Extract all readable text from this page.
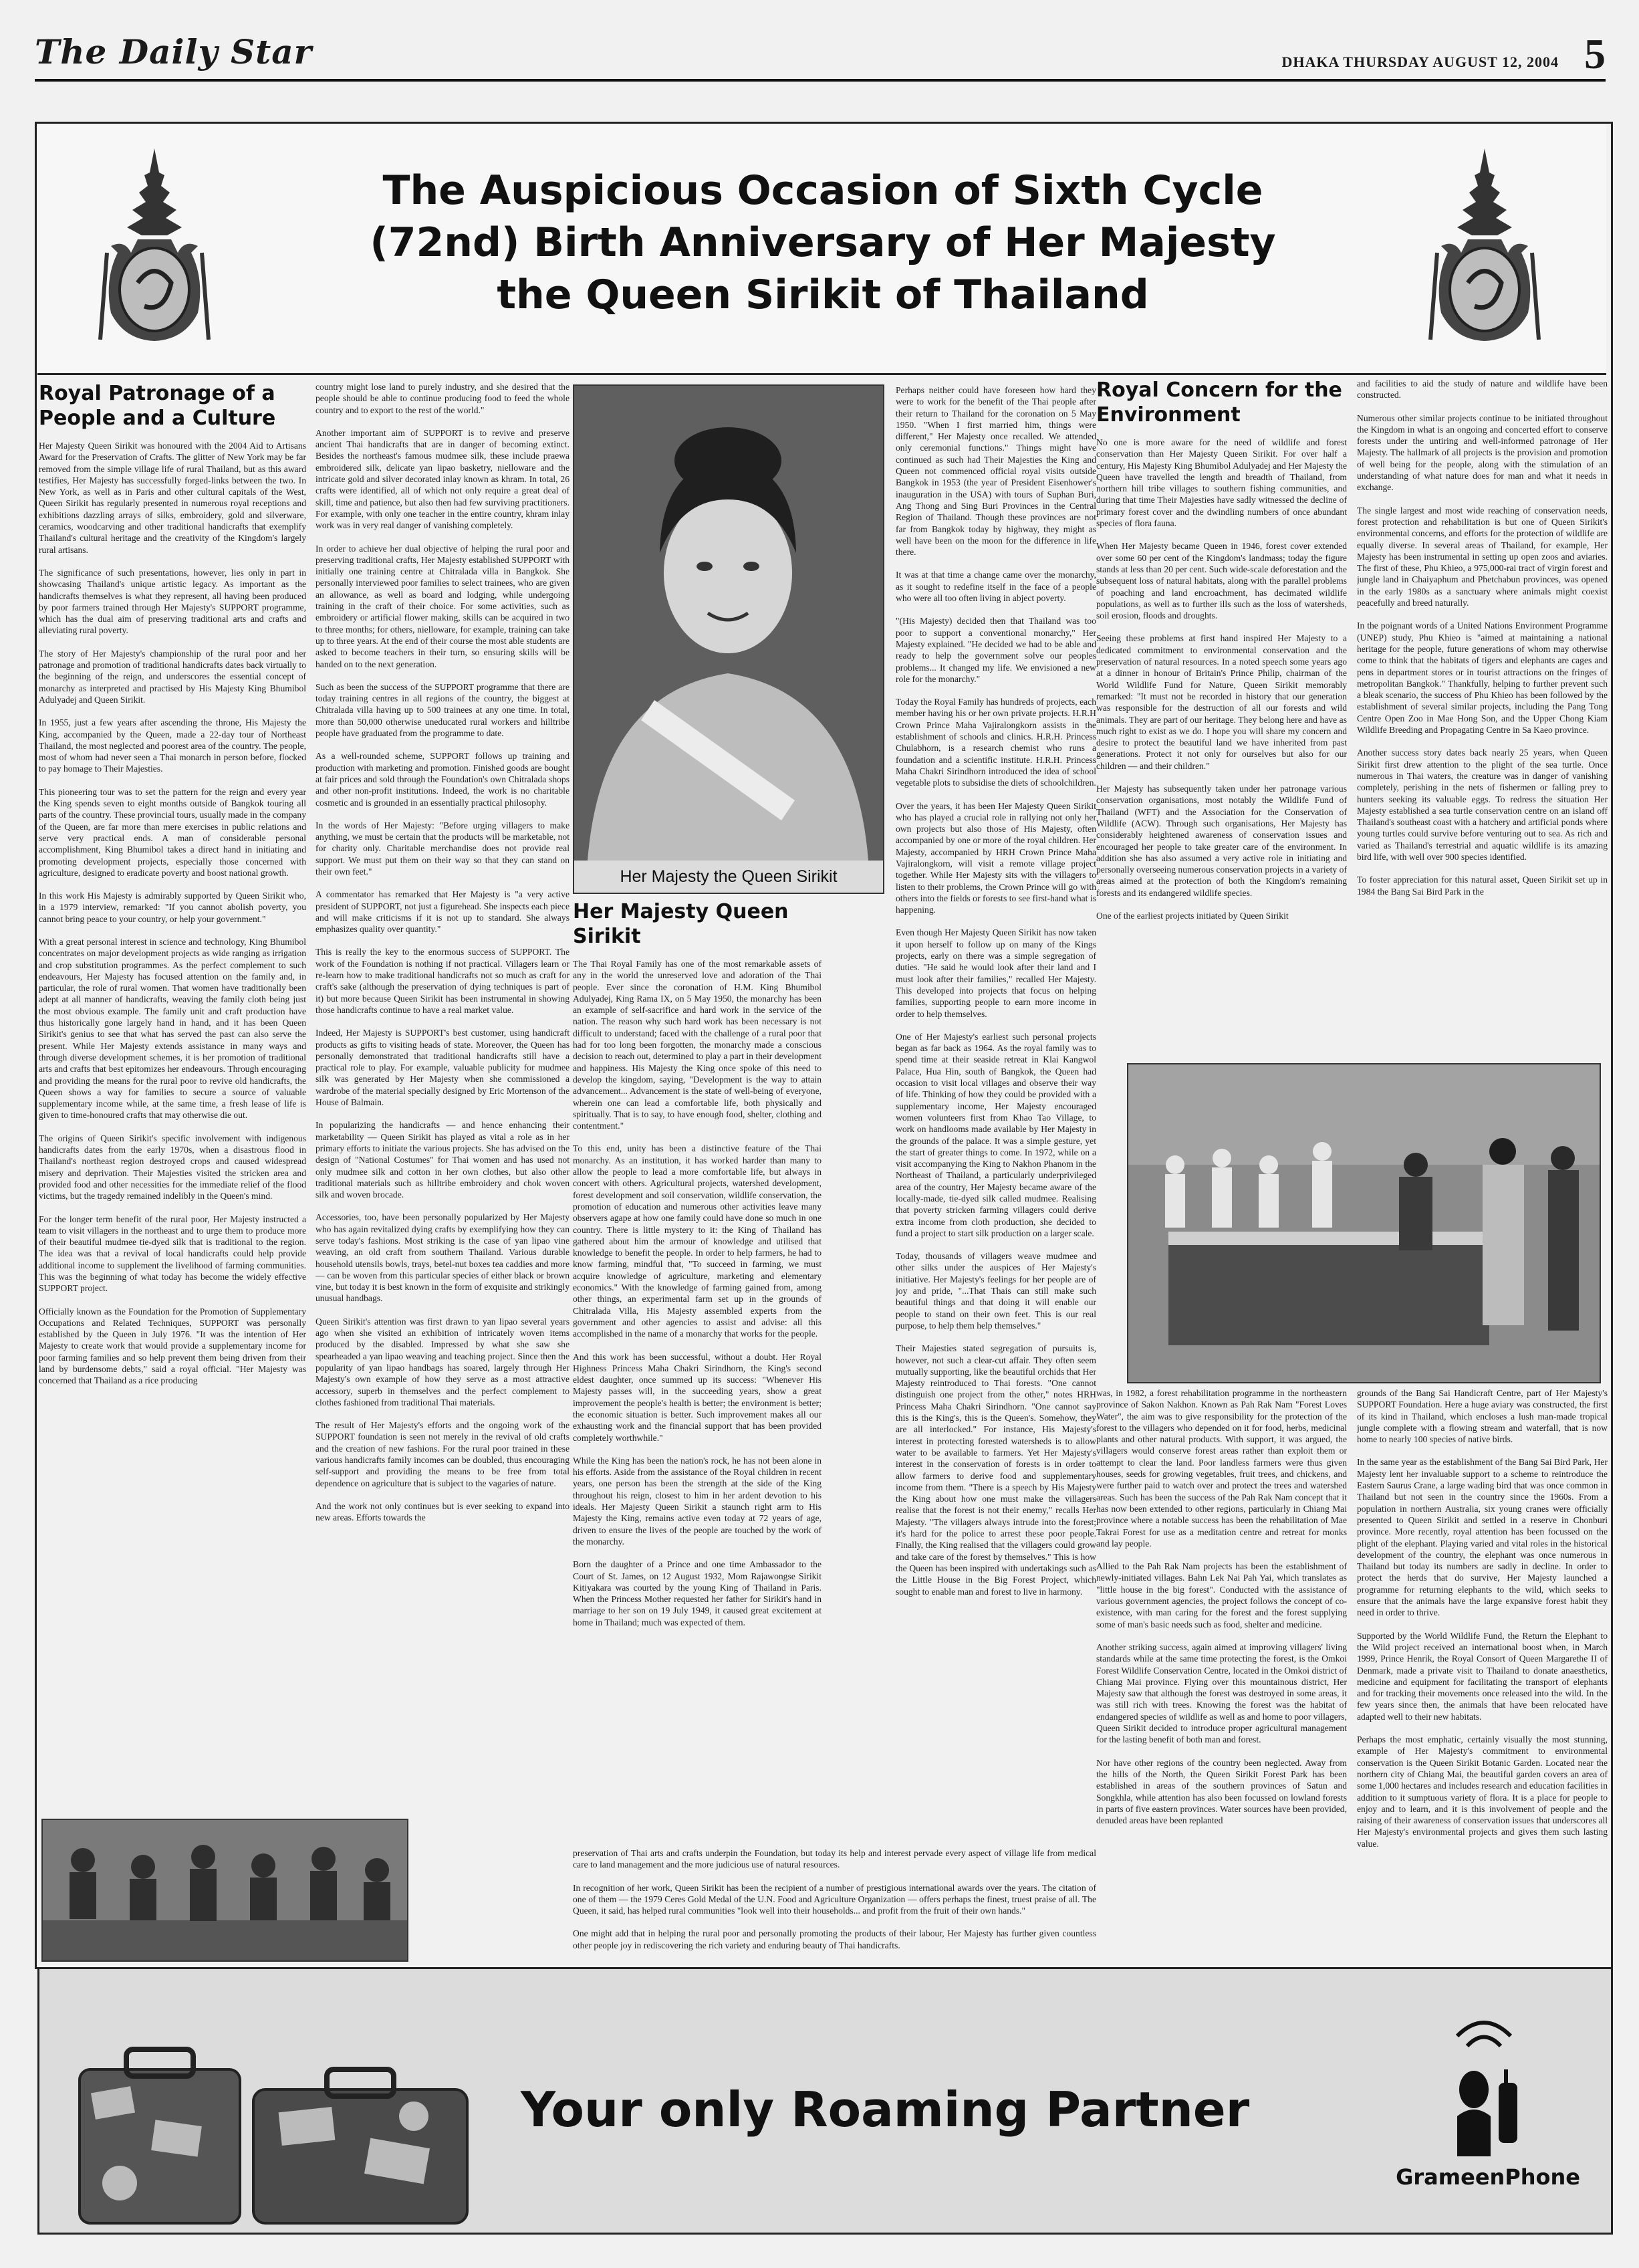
The Daily Star	DHAKA THURSDAY AUGUST 12, 2004 5
The Auspicious Occasion of Sixth Cycle
(72nd) Birth Anniversary of Her Majesty
the Queen Sirikit of Thailand
Royal Patronage of a People and a Culture

Her Majesty Queen Sirikit was honoured with the 2004 Aid to Artisans Award for the Preservation of Crafts. The glitter of New York may be far removed from the simple village life of rural Thailand, but as this award testifies, Her Majesty has successfully forged-links between the two. In New York, as well as in Paris and other cultural capitals of the West, Queen Sirikit has regularly presented in numerous royal receptions and exhibitions dazzling arrays of silks, embroidery, gold and silverware, ceramics, woodcarving and other traditional handicrafts that exemplify Thailand's cultural heritage and the creativity of the Kingdom's largely rural artisans.

The significance of such presentations, however, lies only in part in showcasing Thailand's unique artistic legacy. As important as the handicrafts themselves is what they represent, all having been produced by poor farmers trained through Her Majesty's SUPPORT programme, which has the dual aim of preserving traditional arts and crafts and alleviating rural poverty.

The story of Her Majesty's championship of the rural poor and her patronage and promotion of traditional handicrafts dates back virtually to the beginning of the reign, and underscores the essential concept of monarchy as interpreted and practised by His Majesty King Bhumibol Adulyadej and Queen Sirikit.

In 1955, just a few years after ascending the throne, His Majesty the King, accompanied by the Queen, made a 22-day tour of Northeast Thailand, the most neglected and poorest area of the country. The people, most of whom had never seen a Thai monarch in person before, flocked to pay homage to Their Majesties.

This pioneering tour was to set the pattern for the reign and every year the King spends seven to eight months outside of Bangkok touring all parts of the country. These provincial tours, usually made in the company of the Queen, are far more than mere exercises in public relations and serve very practical ends. A man of considerable personal accomplishment, King Bhumibol takes a direct hand in initiating and promoting development projects, especially those concerned with agriculture, designed to eradicate poverty and boost national growth.

In this work His Majesty is admirably supported by Queen Sirikit who, in a 1979 interview, remarked: "If you cannot abolish poverty, you cannot bring peace to your country, or help your government."

With a great personal interest in science and technology, King Bhumibol concentrates on major development projects as wide ranging as irrigation and crop substitution programmes. As the perfect complement to such endeavours, Her Majesty has focused attention on the family and, in particular, the role of rural women. That women have traditionally been adept at all manner of handicrafts, weaving the family cloth being just the most obvious example. The family unit and craft production have thus historically gone largely hand in hand, and it has been Queen Sirikit's genius to see that what has served the past can also serve the present. While Her Majesty extends assistance in many ways and through diverse development schemes, it is her promotion of traditional arts and crafts that best epitomizes her endeavours. Through encouraging and providing the means for the rural poor to revive old handicrafts, the Queen shows a way for families to secure a source of valuable supplementary income while, at the same time, a fresh lease of life is given to time-honoured crafts that may otherwise die out.

The origins of Queen Sirikit's specific involvement with indigenous handicrafts dates from the early 1970s, when a disastrous flood in Thailand's northeast region destroyed crops and caused widespread misery and deprivation. Their Majesties visited the stricken area and provided food and other necessities for the immediate relief of the flood victims, but the tragedy remained indelibly in the Queen's mind.

For the longer term benefit of the rural poor, Her Majesty instructed a team to visit villagers in the northeast and to urge them to produce more of their beautiful mudmee tie-dyed silk that is traditional to the region. The idea was that a revival of local handicrafts could help provide additional income to supplement the livelihood of farming communities. This was the beginning of what today has become the widely effective SUPPORT project.

Officially known as the Foundation for the Promotion of Supplementary Occupations and Related Techniques, SUPPORT was personally established by the Queen in July 1976. "It was the intention of Her Majesty to create work that would provide a supplementary income for poor farming families and so help prevent them being driven from their land by burdensome debts," said a royal official. "Her Majesty was concerned that Thailand as a rice producing

country might lose land to purely industry, and she desired that the people should be able to continue producing food to feed the whole country and to export to the rest of the world."

Another important aim of SUPPORT is to revive and preserve ancient Thai handicrafts that are in danger of becoming extinct. Besides the northeast's famous mudmee silk, these include praewa embroidered silk, delicate yan lipao basketry, nielloware and the intricate gold and silver decorated inlay known as khram. In total, 26 crafts were identified, all of which not only require a great deal of skill, time and patience, but also then had few surviving practitioners. For example, with only one teacher in the entire country, khram inlay work was in very real danger of vanishing completely.

In order to achieve her dual objective of helping the rural poor and preserving traditional crafts, Her Majesty established SUPPORT with initially one training centre at Chitralada villa in Bangkok. She personally interviewed poor families to select trainees, who are given an allowance, as well as board and lodging, while undergoing training in the craft of their choice. For some activities, such as embroidery or artificial flower making, skills can be acquired in two to three months; for others, nielloware, for example, training can take up to three years. At the end of their course the most able students are asked to become teachers in their turn, so ensuring skills will be handed on to the next generation.

Such as been the success of the SUPPORT programme that there are today training centres in all regions of the country, the biggest at Chitralada villa having up to 500 trainees at any one time. In total, more than 50,000 otherwise uneducated rural workers and hilltribe people have graduated from the programme to date.

As a well-rounded scheme, SUPPORT follows up training and production with marketing and promotion. Finished goods are bought at fair prices and sold through the Foundation's own Chitralada shops and other non-profit institutions. Indeed, the work is no charitable cosmetic and is grounded in an essentially practical philosophy.

In the words of Her Majesty: "Before urging villagers to make anything, we must be certain that the products will be marketable, not for charity only. Charitable merchandise does not provide real support. We must put them on their way so that they can stand on their own feet."

A commentator has remarked that Her Majesty is "a very active president of SUPPORT, not just a figurehead. She inspects each piece and will make criticisms if it is not up to standard. She always emphasizes quality over quantity."

This is really the key to the enormous success of SUPPORT. The work of the Foundation is nothing if not practical. Villagers learn or re-learn how to make traditional handicrafts not so much as craft for craft's sake (although the preservation of dying techniques is part of it) but more because Queen Sirikit has been instrumental in showing those handicrafts continue to have a real market value.

Indeed, Her Majesty is SUPPORT's best customer, using handicraft products as gifts to visiting heads of state. Moreover, the Queen has personally demonstrated that traditional handicrafts still have a practical role to play. For example, valuable publicity for mudmee silk was generated by Her Majesty when she commissioned a wardrobe of the material specially designed by Eric Mortenson of the House of Balmain.

In popularizing the handicrafts — and hence enhancing their marketability — Queen Sirikit has played as vital a role as in her primary efforts to initiate the various projects. She has advised on the design of "National Costumes" for Thai women and has used not only mudmee silk and cotton in her own clothes, but also other traditional materials such as hilltribe embroidery and chok woven silk and woven brocade.

Accessories, too, have been personally popularized by Her Majesty who has again revitalized dying crafts by exemplifying how they can serve today's fashions. Most striking is the case of yan lipao vine weaving, an old craft from southern Thailand. Various durable household utensils bowls, trays, betel-nut boxes tea caddies and more — can be woven from this particular species of either black or brown vine, but today it is best known in the form of exquisite and strikingly unusual handbags.

Queen Sirikit's attention was first drawn to yan lipao several years ago when she visited an exhibition of intricately woven items produced by the disabled. Impressed by what she saw she spearheaded a yan lipao weaving and teaching project. Since then the popularity of yan lipao handbags has soared, largely through Her Majesty's own example of how they serve as a most attractive accessory, superb in themselves and the perfect complement to clothes fashioned from traditional Thai materials.

The result of Her Majesty's efforts and the ongoing work of the SUPPORT foundation is seen not merely in the revival of old crafts and the creation of new fashions. For the rural poor trained in these various handicrafts family incomes can be doubled, thus encouraging self-support and providing the means to be free from total dependence on agriculture that is subject to the vagaries of nature.

And the work not only continues but is ever seeking to expand into new areas. Efforts towards the

Her Majesty the Queen Sirikit
Her Majesty Queen Sirikit

The Thai Royal Family has one of the most remarkable assets of any in the world the unreserved love and adoration of the Thai people. Ever since the coronation of H.M. King Bhumibol Adulyadej, King Rama IX, on 5 May 1950, the monarchy has been an example of self-sacrifice and hard work in the service of the nation. The reason why such hard work has been necessary is not difficult to understand; faced with the challenge of a rural poor that had for too long been forgotten, the monarchy made a conscious decision to reach out, determined to play a part in their development and happiness. His Majesty the King once spoke of this need to develop the kingdom, saying, "Development is the way to attain advancement... Advancement is the state of well-being of everyone, wherein one can lead a comfortable life, both physically and spiritually. That is to say, to have enough food, shelter, clothing and contentment."

To this end, unity has been a distinctive feature of the Thai monarchy. As an institution, it has worked harder than many to allow the people to lead a more comfortable life, but always in concert with others. Agricultural projects, watershed development, forest development and soil conservation, wildlife conservation, the promotion of education and numerous other activities leave many observers agape at how one family could have done so much in one country. There is little mystery to it: the King of Thailand has gathered about him the armour of knowledge and utilised that knowledge to benefit the people. In order to help farmers, he had to know farming, mindful that, "To succeed in farming, we must acquire knowledge of agriculture, marketing and elementary economics." With the knowledge of farming gained from, among other things, an experimental farm set up in the grounds of Chitralada Villa, His Majesty assembled experts from the government and other agencies to assist and advise: all this accomplished in the name of a monarchy that works for the people.

And this work has been successful, without a doubt. Her Royal Highness Princess Maha Chakri Sirindhorn, the King's second eldest daughter, once summed up its success: "Whenever His Majesty passes will, in the succeeding years, show a great improvement the people's health is better; the environment is better; the economic situation is better. Such improvement makes all our exhausting work and the financial support that has been provided completely worthwhile."

While the King has been the nation's rock, he has not been alone in his efforts. Aside from the assistance of the Royal children in recent years, one person has been the strength at the side of the King throughout his reign, closest to him in her ardent devotion to his ideals. Her Majesty Queen Sirikit a staunch right arm to His Majesty the King, remains active even today at 72 years of age, driven to ensure the lives of the people are touched by the work of the monarchy.

Born the daughter of a Prince and one time Ambassador to the Court of St. James, on 12 August 1932, Mom Rajawongse Sirikit Kitiyakara was courted by the young King of Thailand in Paris. When the Princess Mother requested her father for Sirikit's hand in marriage to her son on 19 July 1949, it caused great excitement at home in Thailand; much was expected of them.

Perhaps neither could have foreseen how hard they were to work for the benefit of the Thai people after their return to Thailand for the coronation on 5 May 1950. "When I first married him, things were different," Her Majesty once recalled. We attended only ceremonial functions." Things might have continued as such had Their Majesties the King and Queen not commenced official royal visits outside Bangkok in 1953 (the year of President Eisenhower's inauguration in the USA) with tours of Suphan Buri, Ang Thong and Sing Buri Provinces in the Central Region of Thailand. Though these provinces are not far from Bangkok today by highway, they might as well have been on the moon for the difference in life there.

It was at that time a change came over the monarchy, as it sought to redefine itself in the face of a people who were all too often living in abject poverty.

"(His Majesty) decided then that Thailand was too poor to support a conventional monarchy," Her Majesty explained. "He decided we had to be able and ready to help the government solve our peoples problems... It changed my life. We envisioned a new role for the monarchy."

Today the Royal Family has hundreds of projects, each member having his or her own private projects. H.R.H Crown Prince Maha Vajiralongkorn assists in the establishment of schools and clinics. H.R.H. Princess Chulabhorn, is a research chemist who runs a foundation and a scientific institute. H.R.H. Princess Maha Chakri Sirindhorn introduced the idea of school vegetable plots to subsidise the diets of schoolchildren.

Over the years, it has been Her Majesty Queen Sirikit who has played a crucial role in rallying not only her own projects but also those of His Majesty, often accompanied by one or more of the royal children. Her Majesty, accompanied by HRH Crown Prince Maha Vajiralongkorn, will visit a remote village project together. While Her Majesty sits with the villagers to listen to their problems, the Crown Prince will go with others into the fields or forests to see first-hand what is happening.

Even though Her Majesty Queen Sirikit has now taken it upon herself to follow up on many of the Kings projects, early on there was a simple segregation of duties. "He said he would look after their land and I must look after their families," recalled Her Majesty. This developed into projects that focus on helping families, supporting people to earn more income in order to help themselves.

One of Her Majesty's earliest such personal projects began as far back as 1964. As the royal family was to spend time at their seaside retreat in Klai Kangwol Palace, Hua Hin, south of Bangkok, the Queen had occasion to visit local villages and observe their way of life. Thinking of how they could be provided with a supplementary income, Her Majesty encouraged women volunteers first from Khao Tao Village, to work on handlooms made available by Her Majesty in the grounds of the palace. It was a simple gesture, yet the start of greater things to come. In 1972, while on a visit accompanying the King to Nakhon Phanom in the Northeast of Thailand, a particularly underprivileged area of the country, Her Majesty became aware of the locally-made, tie-dyed silk called mudmee. Realising that poverty stricken farming villagers could derive extra income from cloth production, she decided to fund a project to start silk production on a larger scale.

Today, thousands of villagers weave mudmee and other silks under the auspices of Her Majesty's initiative. Her Majesty's feelings for her people are of joy and pride, "...That Thais can still make such beautiful things and that doing it will enable our people to stand on their own feet. This is our real purpose, to help them help themselves."

Their Majesties stated segregation of pursuits is, however, not such a clear-cut affair. They often seem mutually supporting, like the beautiful orchids that Her Majesty reintroduced to Thai forests. "One cannot distinguish one project from the other," notes HRH Princess Maha Chakri Sirindhorn. "One cannot say this is the King's, this is the Queen's. Somehow, they are all interlocked." For instance, His Majesty's interest in protecting forested watersheds is to allow water to be available to farmers. Yet Her Majesty's interest in the conservation of forests is in order to allow farmers to derive food and supplementary income from them. "There is a speech by His Majesty the King about how one must make the villagers realise that the forest is not their enemy," recalls Her Majesty. "The villagers always intrude into the forest; it's hard for the police to arrest these poor people. Finally, the King realised that the villagers could grow and take care of the forest by themselves." This is how the Queen has been inspired with undertakings such as the Little House in the Big Forest Project, which sought to enable man and forest to live in harmony.

preservation of Thai arts and crafts underpin the Foundation, but today its help and interest pervade every aspect of village life from medical care to land management and the more judicious use of natural resources.

In recognition of her work, Queen Sirikit has been the recipient of a number of prestigious international awards over the years. The citation of one of them — the 1979 Ceres Gold Medal of the U.N. Food and Agriculture Organization — offers perhaps the finest, truest praise of all. The Queen, it said, has helped rural communities "look well into their households... and profit from the fruit of their own hands."

One might add that in helping the rural poor and personally promoting the products of their labour, Her Majesty has further given countless other people joy in rediscovering the rich variety and enduring beauty of Thai handicrafts.

Royal Concern for the Environment

No one is more aware for the need of wildlife and forest conservation than Her Majesty Queen Sirikit. For over half a century, His Majesty King Bhumibol Adulyadej and Her Majesty the Queen have travelled the length and breadth of Thailand, from northern hill tribe villages to southern fishing communities, and during that time Their Majesties have sadly witnessed the decline of primary forest cover and the dwindling numbers of once abundant species of flora fauna.

When Her Majesty became Queen in 1946, forest cover extended over some 60 per cent of the Kingdom's landmass; today the figure stands at less than 20 per cent. Such wide-scale deforestation and the subsequent loss of natural habitats, along with the parallel problems of poaching and land encroachment, has decimated wildlife populations, as well as to further ills such as the loss of watersheds, soil erosion, floods and droughts.

Seeing these problems at first hand inspired Her Majesty to a dedicated commitment to environmental conservation and the preservation of natural resources. In a noted speech some years ago at a dinner in honour of Britain's Prince Philip, chairman of the World Wildlife Fund for Nature, Queen Sirikit memorably remarked: "It must not be recorded in history that our generation was responsible for the destruction of all our forests and wild animals. They are part of our heritage. They belong here and have as much right to exist as we do. I hope you will share my concern and desire to protect the beautiful land we have inherited from past generations. Protect it not only for ourselves but also for our children — and their children."

Her Majesty has subsequently taken under her patronage various conservation organisations, most notably the Wildlife Fund of Thailand (WFT) and the Association for the Conservation of Wildlife (ACW). Through such organisations, Her Majesty has considerably heightened awareness of conservation issues and encouraged her people to take greater care of the environment. In addition she has also assumed a very active role in initiating and personally overseeing numerous conservation projects in a variety of areas aimed at the protection of both the Kingdom's remaining forests and its endangered wildlife species.

One of the earliest projects initiated by Queen Sirikit

and facilities to aid the study of nature and wildlife have been constructed.

Numerous other similar projects continue to be initiated throughout the Kingdom in what is an ongoing and concerted effort to conserve forests under the untiring and well-informed patronage of Her Majesty. The hallmark of all projects is the provision and promotion of well being for the people, along with the stimulation of an understanding of what nature does for man and what it needs in exchange.

The single largest and most wide reaching of conservation needs, forest protection and rehabilitation is but one of Queen Sirikit's environmental concerns, and efforts for the protection of wildlife are equally diverse. In several areas of Thailand, for example, Her Majesty has been instrumental in setting up open zoos and aviaries. The first of these, Phu Khieo, a 975,000-rai tract of virgin forest and jungle land in Chaiyaphum and Phetchabun provinces, was opened in the early 1980s as a sanctuary where animals might coexist peacefully and breed naturally.

In the poignant words of a United Nations Environment Programme (UNEP) study, Phu Khieo is "aimed at maintaining a national heritage for the people, future generations of whom may otherwise come to think that the habitats of tigers and elephants are cages and pens in department stores or in tourist attractions on the fringes of metropolitan Bangkok." Thankfully, helping to further prevent such a bleak scenario, the success of Phu Khieo has been followed by the establishment of several similar projects, including the Pang Tong Centre Open Zoo in Mae Hong Son, and the Upper Chong Kiam Wildlife Breeding and Propagating Centre in Sa Kaeo province.

Another success story dates back nearly 25 years, when Queen Sirikit first drew attention to the plight of the sea turtle. Once numerous in Thai waters, the creature was in danger of vanishing completely, perishing in the nets of fishermen or falling prey to hunters seeking its valuable eggs. To redress the situation Her Majesty established a sea turtle conservation centre on an island off Thailand's southeast coast with a hatchery and artificial ponds where young turtles could survive before venturing out to sea. As rich and varied as Thailand's terrestrial and aquatic wildlife is its amazing bird life, with well over 900 species identified.

To foster appreciation for this natural asset, Queen Sirikit set up in 1984 the Bang Sai Bird Park in the

was, in 1982, a forest rehabilitation programme in the northeastern province of Sakon Nakhon. Known as Pah Rak Nam "Forest Loves Water", the aim was to give responsibility for the protection of the forest to the villagers who depended on it for food, herbs, medicinal plants and other natural products. With support, it was argued, the villagers would conserve forest areas rather than exploit them or attempt to clear the land. Poor landless farmers were thus given houses, seeds for growing vegetables, fruit trees, and chickens, and were further paid to watch over and protect the trees and watershed areas. Such has been the success of the Pah Rak Nam concept that it has now been extended to other regions, particularly in Chiang Mai province where a notable success has been the rehabilitation of Mae Takrai Forest for use as a meditation centre and retreat for monks and lay people.

Allied to the Pah Rak Nam projects has been the establishment of newly-initiated villages. Bahn Lek Nai Pah Yai, which translates as "little house in the big forest". Conducted with the assistance of various government agencies, the project follows the concept of co-existence, with man caring for the forest and the forest supplying some of man's basic needs such as food, shelter and medicine.

Another striking success, again aimed at improving villagers' living standards while at the same time protecting the forest, is the Omkoi Forest Wildlife Conservation Centre, located in the Omkoi district of Chiang Mai province. Flying over this mountainous district, Her Majesty saw that although the forest was destroyed in some areas, it was still rich with trees. Knowing the forest was the habitat of endangered species of wildlife as well as and home to poor villagers, Queen Sirikit decided to introduce proper agricultural management for the lasting benefit of both man and forest.

Nor have other regions of the country been neglected. Away from the hills of the North, the Queen Sirikit Forest Park has been established in areas of the southern provinces of Satun and Songkhla, while attention has also been focussed on lowland forests in parts of five eastern provinces. Water sources have been provided, denuded areas have been replanted

grounds of the Bang Sai Handicraft Centre, part of Her Majesty's SUPPORT Foundation. Here a huge aviary was constructed, the first of its kind in Thailand, which encloses a lush man-made tropical jungle complete with a flowing stream and waterfall, that is now home to nearly 100 species of native birds.

In the same year as the establishment of the Bang Sai Bird Park, Her Majesty lent her invaluable support to a scheme to reintroduce the Eastern Saurus Crane, a large wading bird that was once common in Thailand but not seen in the country since the 1960s. From a population in northern Australia, six young cranes were officially presented to Queen Sirikit and settled in a reserve in Chonburi province. More recently, royal attention has been focussed on the plight of the elephant. Playing varied and vital roles in the historical development of the country, the elephant was once numerous in Thailand but today its numbers are sadly in decline. In order to protect the herds that do survive, Her Majesty launched a programme for returning elephants to the wild, which seeks to ensure that the animals have the large expansive forest habit they need in order to thrive.

Supported by the World Wildlife Fund, the Return the Elephant to the Wild project received an international boost when, in March 1999, Prince Henrik, the Royal Consort of Queen Margarethe II of Denmark, made a private visit to Thailand to donate anaesthetics, medicine and equipment for facilitating the transport of elephants and for tracking their movements once released into the wild. In the few years since then, the animals that have been relocated have adapted well to their new habitats.

Perhaps the most emphatic, certainly visually the most stunning, example of Her Majesty's commitment to environmental conservation is the Queen Sirikit Botanic Garden. Located near the northern city of Chiang Mai, the beautiful garden covers an area of some 1,000 hectares and includes research and education facilities in addition to it sumptuous variety of flora. It is a place for people to enjoy and to learn, and it is this involvement of people and the raising of their awareness of conservation issues that underscores all Her Majesty's environmental projects and gives them such lasting value.

Your only Roaming Partner
GrameenPhone
